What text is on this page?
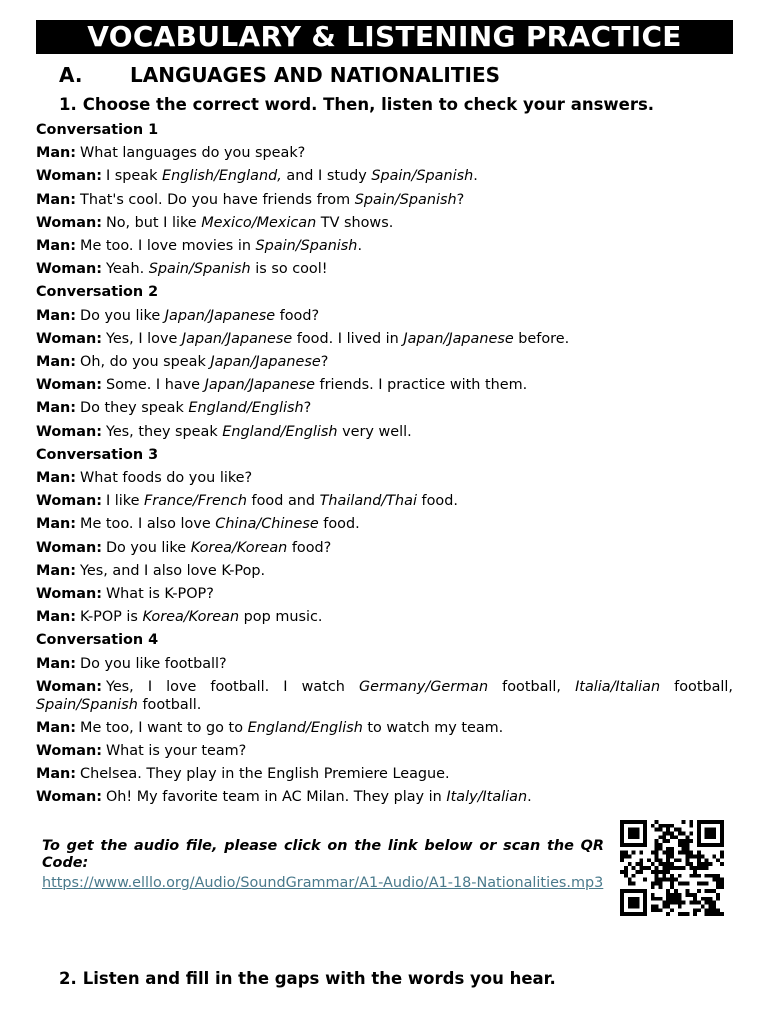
VOCABULARY & LISTENING PRACTICE
A. LANGUAGES AND NATIONALITIES
1. Choose the correct word. Then, listen to check your answers.
Conversation 1
Man: What languages do you speak?
Woman: I speak English/England, and I study Spain/Spanish.
Man: That's cool. Do you have friends from Spain/Spanish?
Woman: No, but I like Mexico/Mexican TV shows.
Man: Me too. I love movies in Spain/Spanish.
Woman: Yeah. Spain/Spanish is so cool!
Conversation 2
Man: Do you like Japan/Japanese food?
Woman: Yes, I love Japan/Japanese food. I lived in Japan/Japanese before.
Man: Oh, do you speak Japan/Japanese?
Woman: Some. I have Japan/Japanese friends. I practice with them.
Man: Do they speak England/English?
Woman: Yes, they speak England/English very well.
Conversation 3
Man: What foods do you like?
Woman: I like France/French food and Thailand/Thai food.
Man: Me too. I also love China/Chinese food.
Woman: Do you like Korea/Korean food?
Man: Yes, and I also love K-Pop.
Woman: What is K-POP?
Man: K-POP is Korea/Korean pop music.
Conversation 4
Man: Do you like football?
Woman: Yes, I love football. I watch Germany/German football, Italia/Italian football, Spain/Spanish football.
Man: Me too, I want to go to England/English to watch my team.
Woman: What is your team?
Man: Chelsea. They play in the English Premiere League.
Woman: Oh! My favorite team in AC Milan. They play in Italy/Italian.
To get the audio file, please click on the link below or scan the QR Code:
https://www.elllo.org/Audio/SoundGrammar/A1-Audio/A1-18-Nationalities.mp3
2. Listen and fill in the gaps with the words you hear.
